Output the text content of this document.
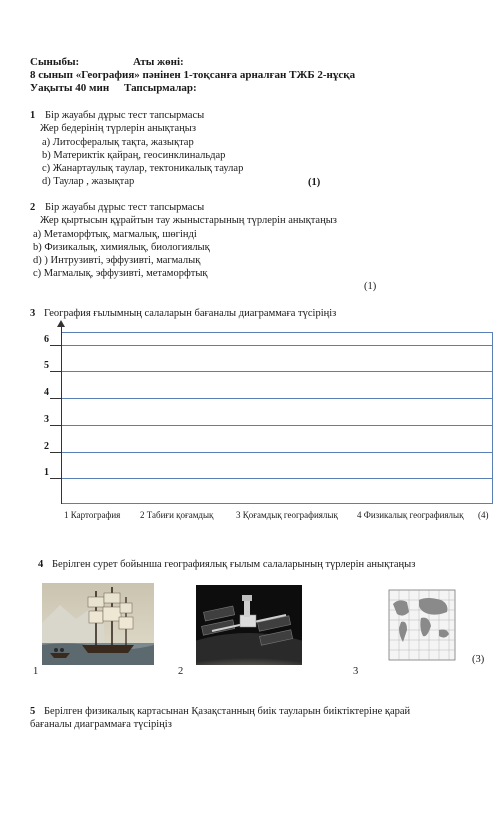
Сыныбы:	Аты жөні:
8 сынып «География» пәнінен 1-тоқсанға арналған ТЖБ 2-нұсқа
Уақыты 40 мин Тапсырмалар:
1 Бір жауабы дұрыс тест тапсырмасы
Жер бедерінің түрлерін анықтаңыз
a) Литосфералық тақта, жазықтар
b) Материктік қайраң, геосинклинальдар
c) Жанартаулық таулар, тектоникалық таулар
d) Таулар , жазықтар	(1)
2 Бір жауабы дұрыс тест тапсырмасы
Жер қыртысын құрайтын тау жыныстарының түрлерін анықтаңыз
a) Метаморфтық, магмалық, шөгінді
b) Физикалық, химиялық, биологиялық
d) ) Интрузивті, эффузивті, магмалық
c) Магмалық, эффузивті, метаморфтық
(1)
3 География ғылымның салаларын бағаналы диаграммаға түсіріңіз
6
5
4
3
2
1
1 Картография 2 Табиғи қоғамдық	3 Қоғамдық географиялық 4 Физикалық географиялық (4)
4 Берілген сурет бойынша географиялық ғылым салаларының түрлерін анықтаңыз
1	2	3
(3)
5 Берілген физикалық картасынан Қазақстанның биік тауларын биіктіктеріне қарай
бағаналы диаграммаға түсіріңіз
